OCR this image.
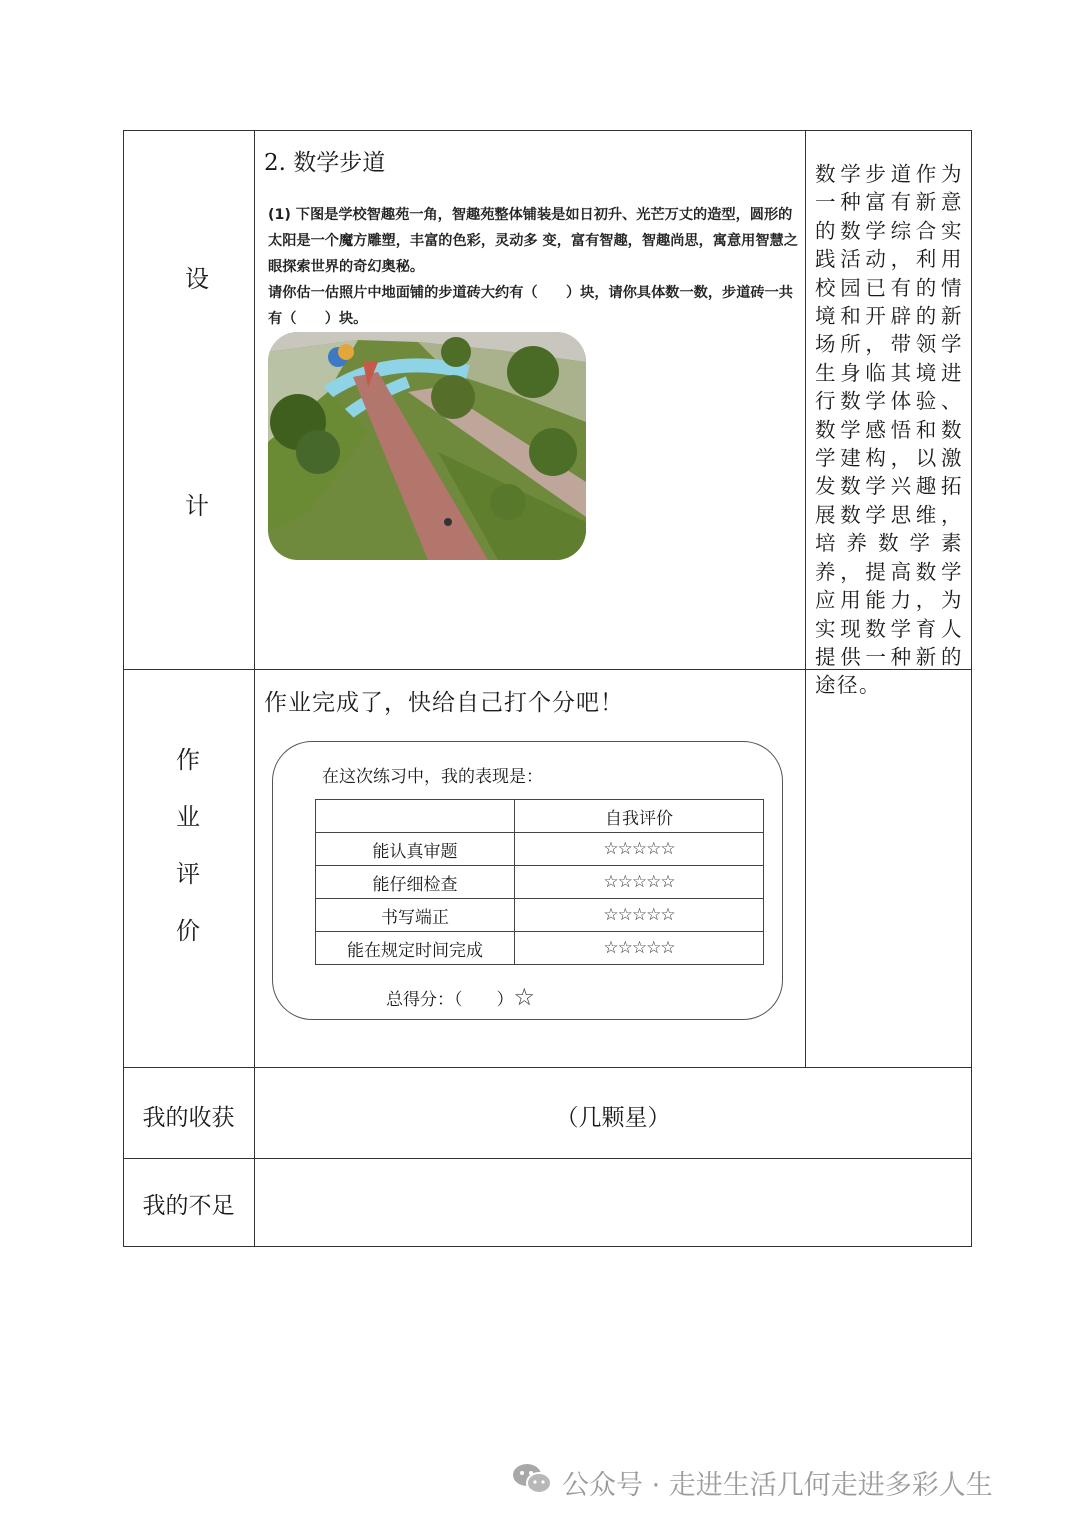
设
计
2. 数学步道
(1) 下图是学校智趣苑一角，智趣苑整体铺装是如日初升、光芒万丈的造型，圆形的太阳是一个魔方雕塑，丰富的色彩，灵动多 变，富有智趣，智趣尚思，寓意用智慧之眼探索世界的奇幻奥秘。
请你估一估照片中地面铺的步道砖大约有（　　）块，请你具体数一数，步道砖一共有（　　）块。
数学步道作为一种富有新意的数学综合实践活动，利用校园已有的情境和开辟的新场所，带领学生身临其境进行数学体验、数学感悟和数学建构，以激发数学兴趣拓展数学思维，培养数学素养，提高数学应用能力，为实现数学育人提供一种新的途径。
作
业
评
价
作业完成了，快给自己打个分吧！
在这次练习中，我的表现是：
	自我评价
能认真审题	☆☆☆☆☆
能仔细检查	☆☆☆☆☆
书写端正	☆☆☆☆☆
能在规定时间完成	☆☆☆☆☆
总得分：（　　）☆
我的收获	（几颗星）
我的不足
公众号 · 走进生活几何走进多彩人生
